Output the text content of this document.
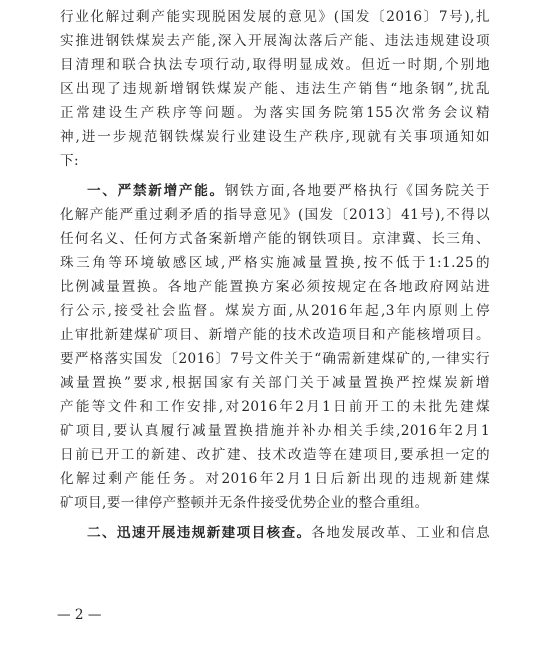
行业化解过剩产能实现脱困发展的意见》(国发〔2016〕7号),扎
实推进钢铁煤炭去产能,深入开展淘汰落后产能、违法违规建设项
目清理和联合执法专项行动,取得明显成效。但近一时期,个别地
区出现了违规新增钢铁煤炭产能、违法生产销售“地条钢”,扰乱
正常建设生产秩序等问题。为落实国务院第155次常务会议精
神,进一步规范钢铁煤炭行业建设生产秩序,现就有关事项通知如
下:
一、严禁新增产能。钢铁方面,各地要严格执行《国务院关于
化解产能严重过剩矛盾的指导意见》(国发〔2013〕41号),不得以
任何名义、任何方式备案新增产能的钢铁项目。京津冀、长三角、
珠三角等环境敏感区域,严格实施减量置换,按不低于1:1.25的
比例减量置换。各地产能置换方案必须按规定在各地政府网站进
行公示,接受社会监督。煤炭方面,从2016年起,3年内原则上停
止审批新建煤矿项目、新增产能的技术改造项目和产能核增项目。
要严格落实国发〔2016〕7号文件关于“确需新建煤矿的,一律实行
减量置换”要求,根据国家有关部门关于减量置换严控煤炭新增
产能等文件和工作安排,对2016年2月1日前开工的未批先建煤
矿项目,要认真履行减量置换措施并补办相关手续,2016年2月1
日前已开工的新建、改扩建、技术改造等在建项目,要承担一定的
化解过剩产能任务。对2016年2月1日后新出现的违规新建煤
矿项目,要一律停产整顿并无条件接受优势企业的整合重组。
二、迅速开展违规新建项目核查。各地发展改革、工业和信息
— 2 —
